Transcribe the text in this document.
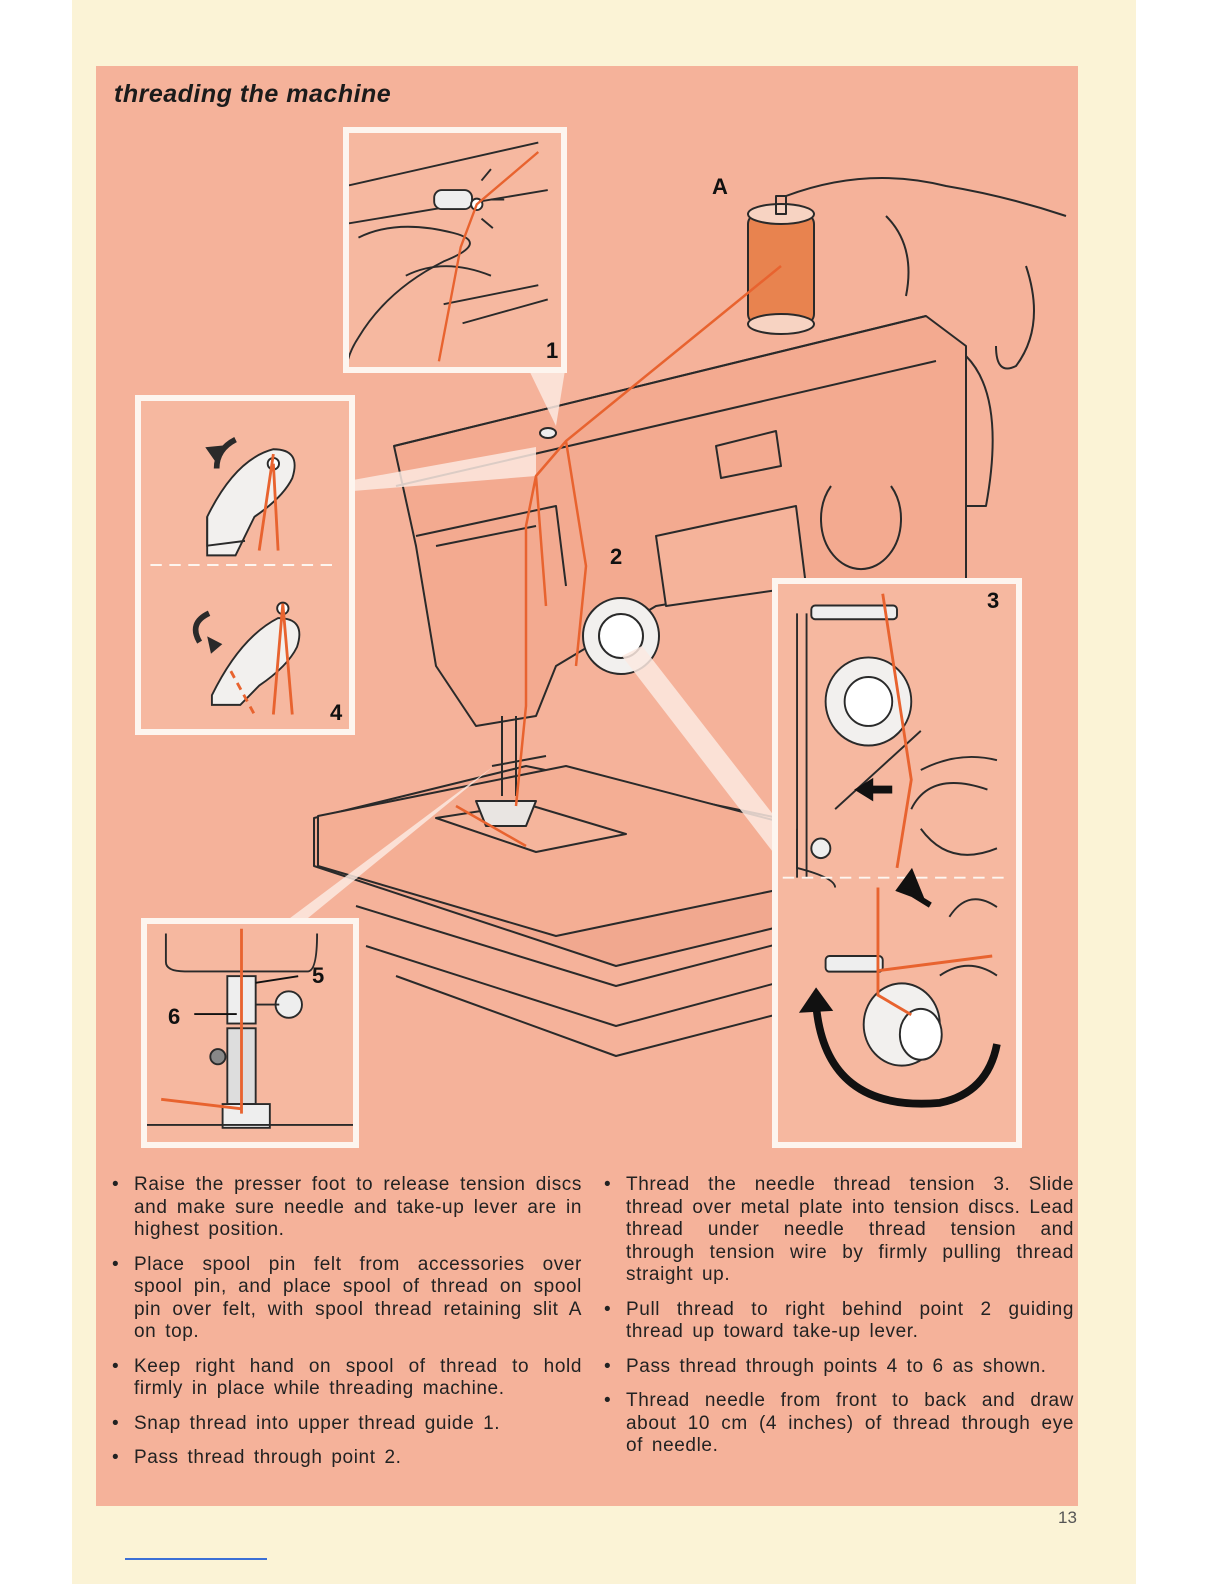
threading the machine
1
4
3
5
6
A
2
• Raise the presser foot to release tension discs and make sure needle and take-up lever are in highest position.
• Place spool pin felt from accessories over spool pin, and place spool of thread on spool pin over felt, with spool thread retaining slit A on top.
• Keep right hand on spool of thread to hold firmly in place while threading machine.
• Snap thread into upper thread guide 1.
• Pass thread through point 2.
• Thread the needle thread tension 3. Slide thread over metal plate into tension discs. Lead thread under needle thread tension and through tension wire by firmly pulling thread straight up.
• Pull thread to right behind point 2 guiding thread up toward take-up lever.
• Pass thread through points 4 to 6 as shown.
• Thread needle from front to back and draw about 10 cm (4 inches) of thread through eye of needle.
13
